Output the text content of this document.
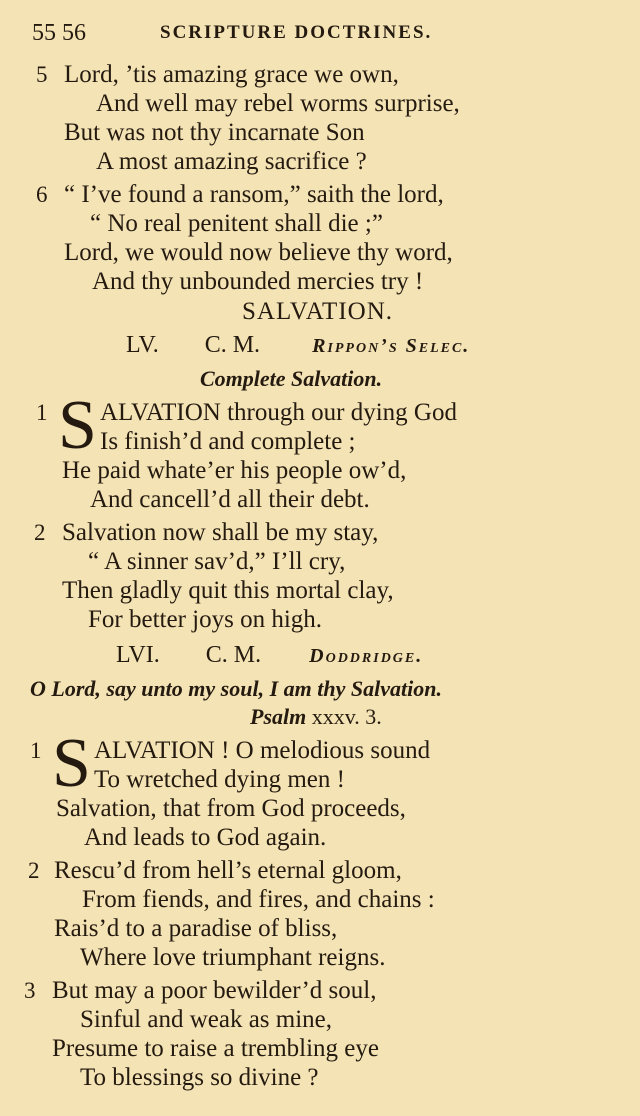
55 56	SCRIPTURE DOCTRINES.
5 Lord, ’tis amazing grace we own,
And well may rebel worms surprise,
But was not thy incarnate Son
A most amazing sacrifice ?
6 “ I’ve found a ransom,” saith the lord,
“ No real penitent shall die ;”
Lord, we would now believe thy word,
And thy unbounded mercies try !
SALVATION.
LV. C. M.	Rippon’s Selec.
Complete Salvation.
1 S ALVATION through our dying God
Is finish’d and complete ;
He paid whate’er his people ow’d,
And cancell’d all their debt.
2 Salvation now shall be my stay,
“ A sinner sav’d,” I’ll cry,
Then gladly quit this mortal clay,
For better joys on high.
LVI. C. M. Doddridge.
O Lord, say unto my soul, I am thy Salvation.
Psalm xxxv. 3.
1 S ALVATION ! O melodious sound
To wretched dying men !
Salvation, that from God proceeds,
And leads to God again.
2 Rescu’d from hell’s eternal gloom,
From fiends, and fires, and chains :
Rais’d to a paradise of bliss,
Where love triumphant reigns.
3 But may a poor bewilder’d soul,
Sinful and weak as mine,
Presume to raise a trembling eye
To blessings so divine ?
